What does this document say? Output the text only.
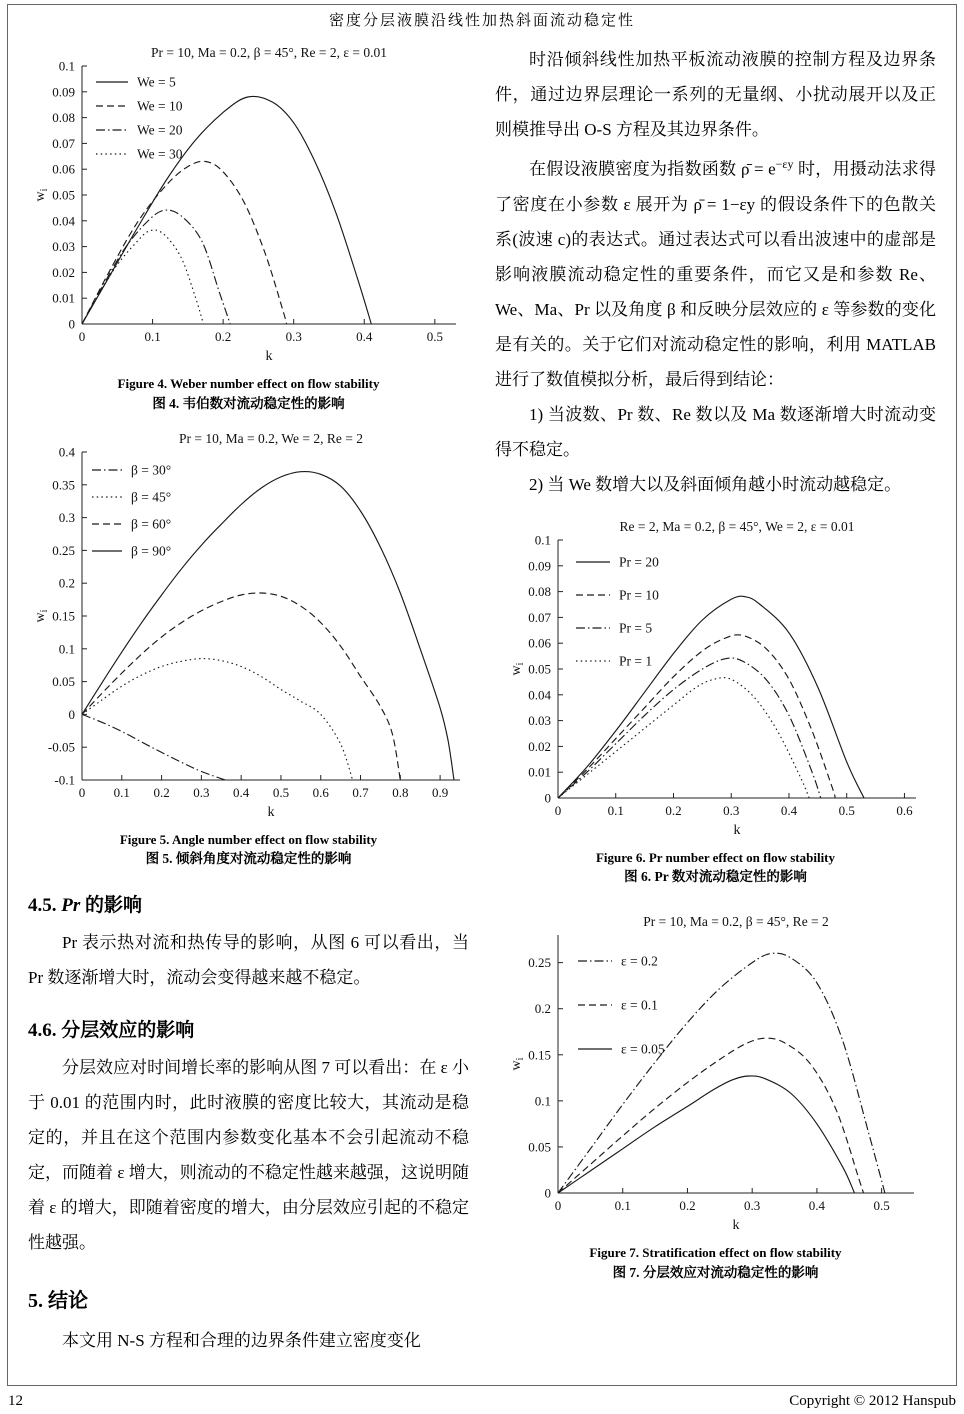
密度分层液膜沿线性加热斜面流动稳定性
0	0.1	0.2	0.3	0.4	0.5
0
0.01
0.02
0.03
0.04
0.05
0.06
0.07
0.08
0.09
0.1
Pr = 10, Ma = 0.2, β = 45°, Re = 2, ε = 0.01
k
$w_i$
We = 5
We = 10
We = 20
We = 30
Figure 4. Weber number effect on flow stability
图 4. 韦伯数对流动稳定性的影响
0 0.1 0.2 0.3 0.4 0.5 0.6 0.7 0.8 0.9
-0.1
-0.05
0
0.05
0.1
0.15
0.2
0.25
0.3
0.35
0.4
Pr = 10, Ma = 0.2, We = 2, Re = 2
k
$w_i$
β = 30°
β = 45°
β = 60°
β = 90°
Figure 5. Angle number effect on flow stability
图 5. 倾斜角度对流动稳定性的影响
4.5. Pr 的影响

Pr 表示热对流和热传导的影响，从图 6 可以看出，当 Pr 数逐渐增大时，流动会变得越来越不稳定。

4.6. 分层效应的影响

分层效应对时间增长率的影响从图 7 可以看出：在 ε 小于 0.01 的范围内时，此时液膜的密度比较大，其流动是稳定的，并且在这个范围内参数变化基本不会引起流动不稳定，而随着 ε 增大，则流动的不稳定性越来越强，这说明随着 ε 的增大，即随着密度的增大，由分层效应引起的不稳定性越强。

5. 结论

本文用 N-S 方程和合理的边界条件建立密度变化

时沿倾斜线性加热平板流动液膜的控制方程及边界条件，通过边界层理论一系列的无量纲、小扰动展开以及正则模推导出 O-S 方程及其边界条件。

在假设液膜密度为指数函数 ρ̄ = $e^{-\varepsilon y}$ 时，用摄动法求得了密度在小参数 ε 展开为 ρ̄ = 1−εy 的假设条件下的色散关系(波速 c)的表达式。通过表达式可以看出波速中的虚部是影响液膜流动稳定性的重要条件，而它又是和参数 Re、We、Ma、Pr 以及角度 β 和反映分层效应的 ε 等参数的变化是有关的。关于它们对流动稳定性的影响，利用 MATLAB 进行了数值模拟分析，最后得到结论：

1) 当波数、Pr 数、Re 数以及 Ma 数逐渐增大时流动变得不稳定。

2) 当 We 数增大以及斜面倾角越小时流动越稳定。

0	0.1	0.2	0.3	0.4	0.5	0.6
0
0.01
0.02
0.03
0.04
0.05
0.06
0.07
0.08
0.09
0.1
Re = 2, Ma = 0.2, β = 45°, We = 2, ε = 0.01
k
$w_i$
Pr = 20
Pr = 10
Pr = 5
Pr = 1
Figure 6. Pr number effect on flow stability
图 6. Pr 数对流动稳定性的影响
0	0.1	0.2	0.3	0.4	0.5
0
0.05
0.1
0.15
0.2
0.25
Pr = 10, Ma = 0.2, β = 45°, Re = 2
k
$w_i$
ε = 0.2
ε = 0.1
ε = 0.05
Figure 7. Stratification effect on flow stability
图 7. 分层效应对流动稳定性的影响
12	Copyright © 2012 Hanspub
